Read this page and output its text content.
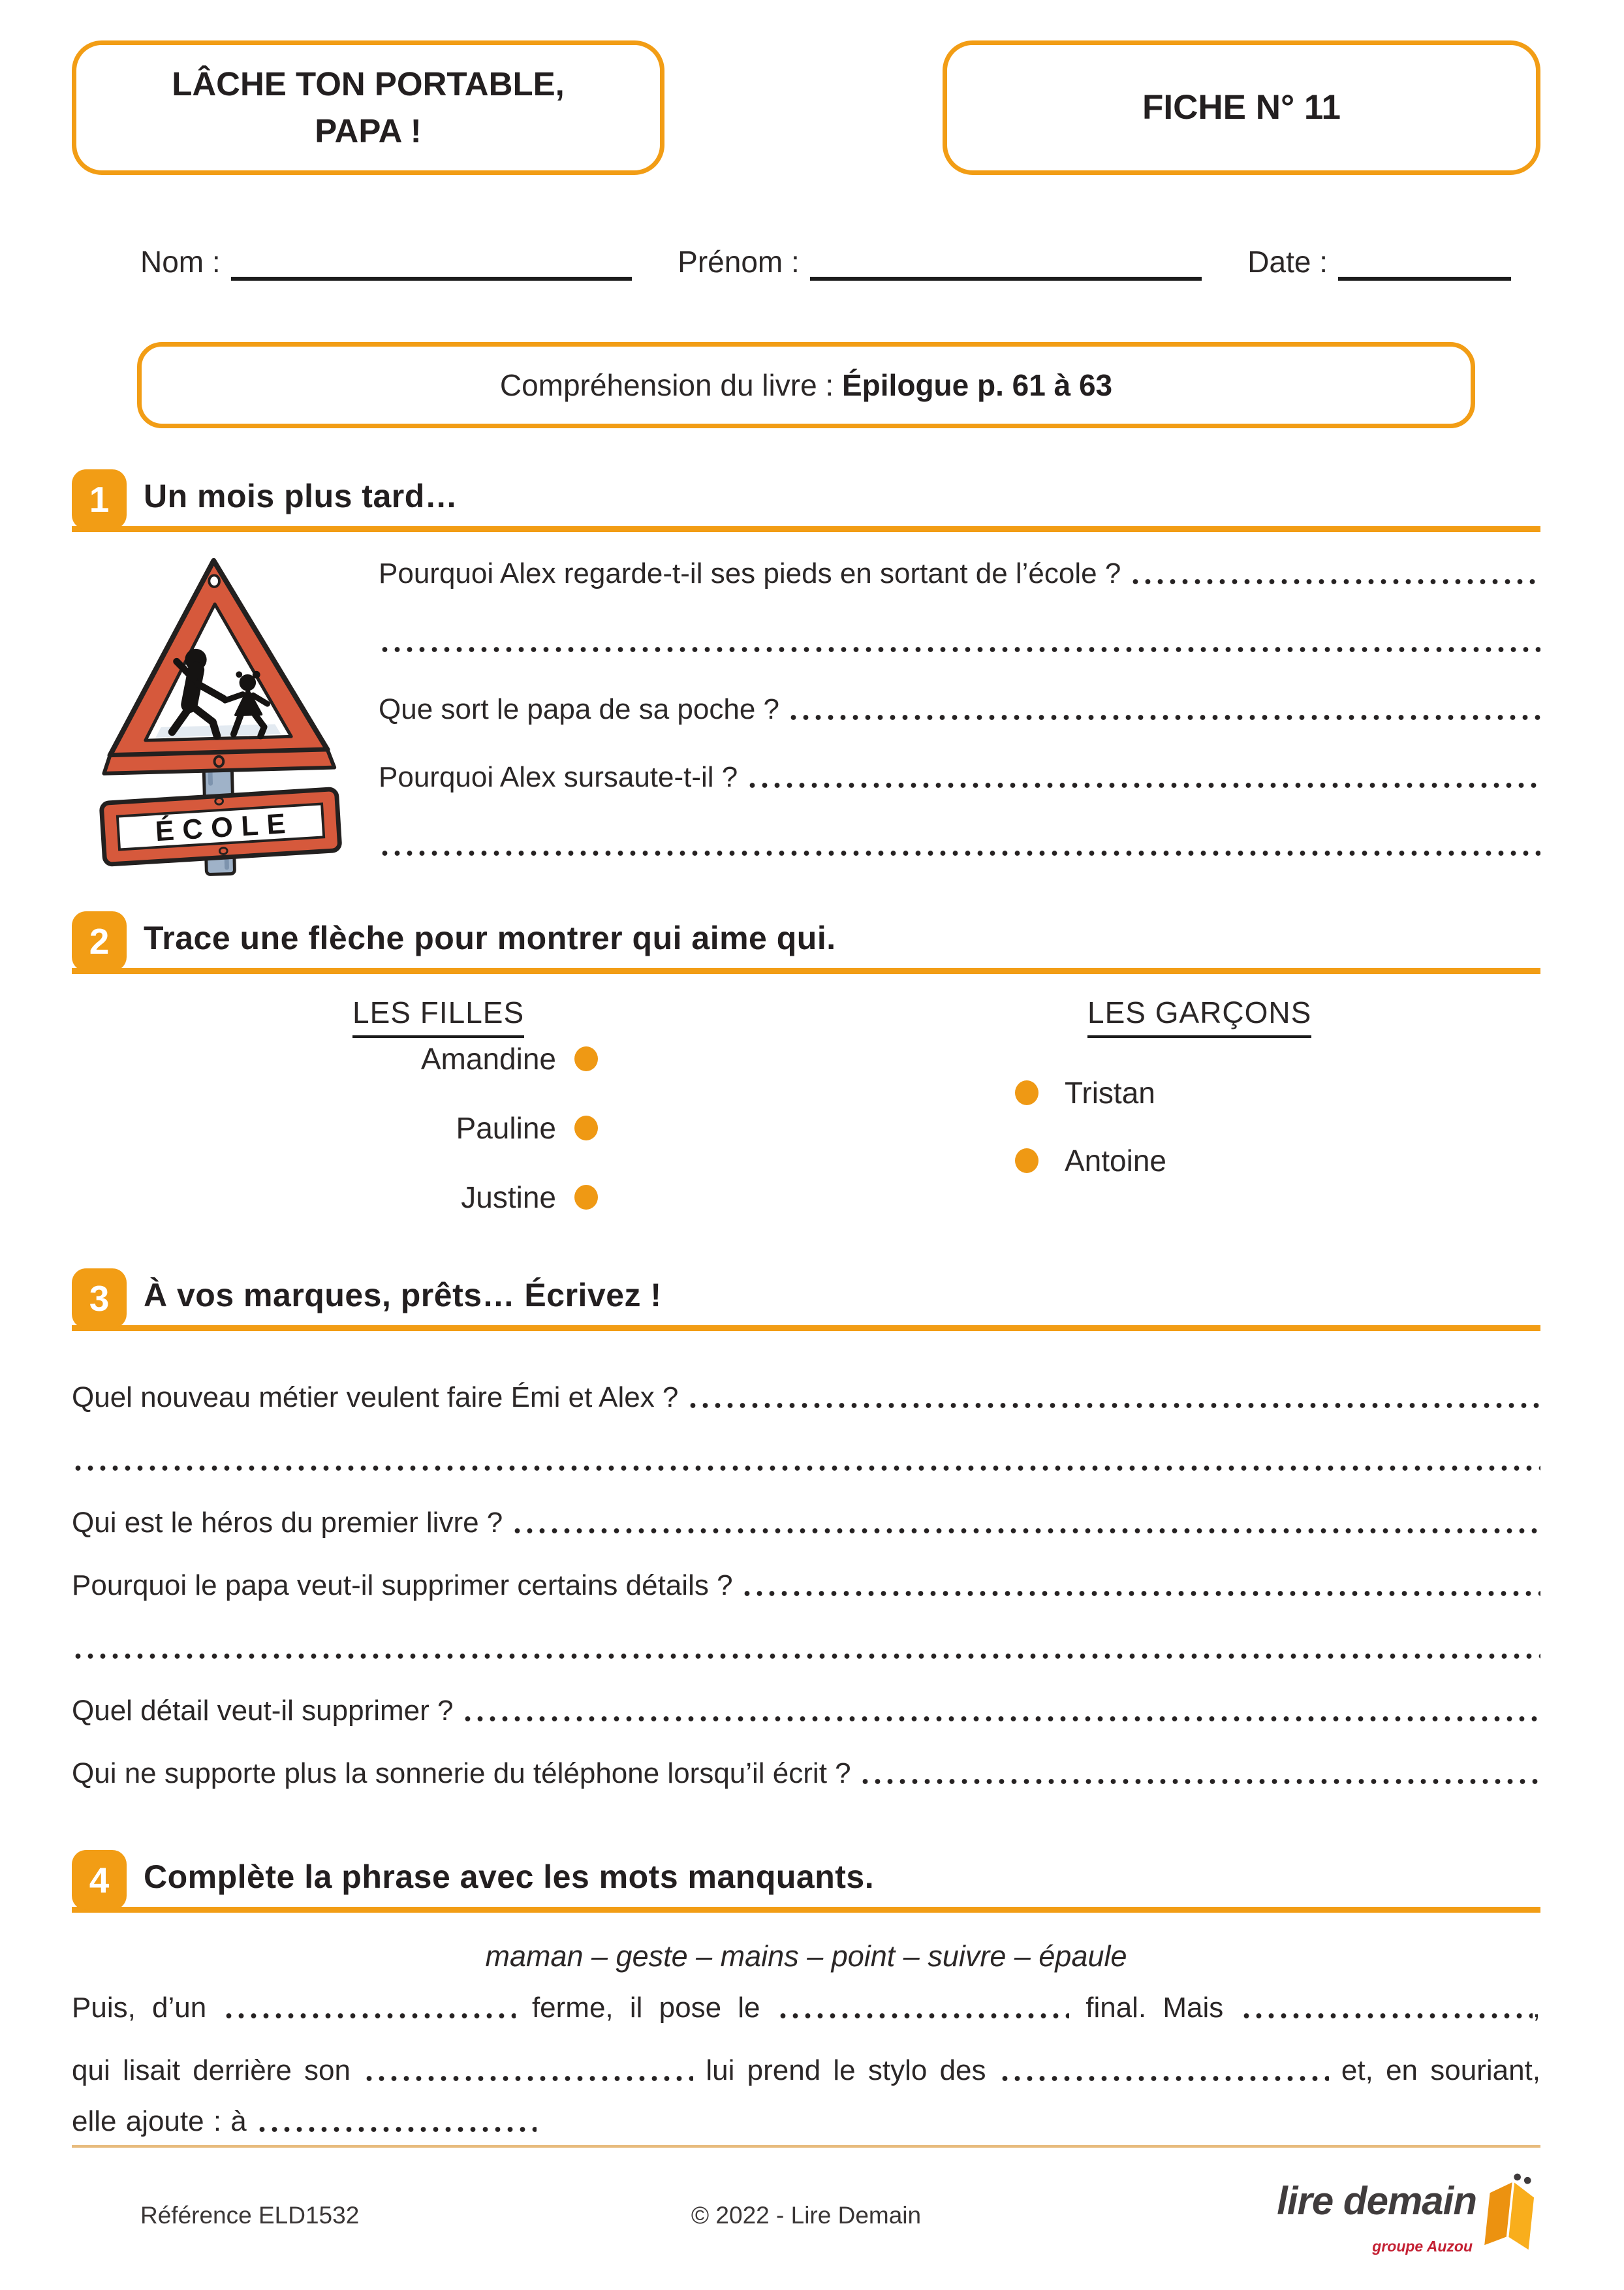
LÂCHE TON PORTABLE,
PAPA !
FICHE N° 11
Nom :	Prénom :	Date :
Compréhension du livre : Épilogue p. 61 à 63
1	Un mois plus tard…
ÉCOLE
Pourquoi Alex regarde-t-il ses pieds en sortant de l’école ?
Que sort le papa de sa poche ?
Pourquoi Alex sursaute-t-il ?
2	Trace une flèche pour montrer qui aime qui.
LES FILLES	LES GARÇONS
Amandine
Pauline
Justine
Tristan
Antoine
3	À vos marques, prêts… Écrivez !
Quel nouveau métier veulent faire Émi et Alex ?
Qui est le héros du premier livre ?
Pourquoi le papa veut-il supprimer certains détails ?
Quel détail veut-il supprimer ?
Qui ne supporte plus la sonnerie du téléphone lorsqu’il écrit ?
4	Complète la phrase avec les mots manquants.
maman – geste – mains – point – suivre – épaule
Puis, d’un	ferme, il pose le	final. Mais	,
qui lisait derrière son	lui prend le stylo des	et, en souriant,
elle ajoute : à
Référence ELD1532	© 2022 - Lire Demain	lire demain
groupe Auzou
